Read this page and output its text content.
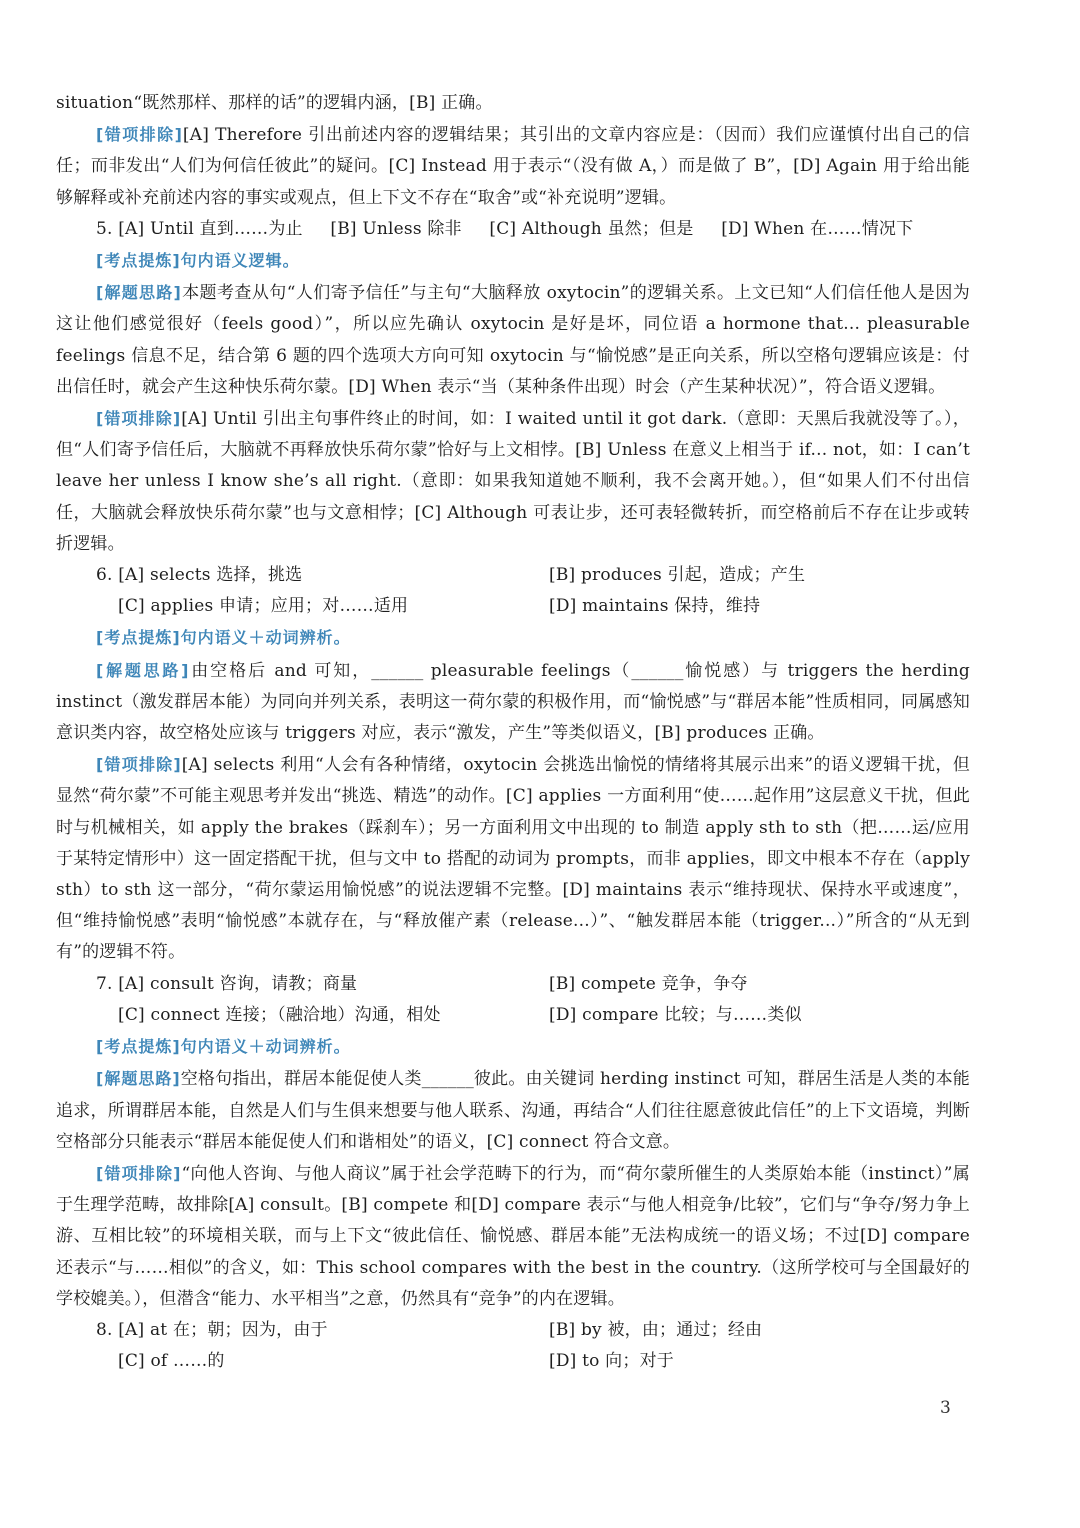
situation“既然那样、那样的话”的逻辑内涵，[B] 正确。

[错项排除][A] Therefore 引出前述内容的逻辑结果；其引出的文章内容应是：（因而）我们应谨慎付出自己的信任；而非发出“人们为何信任彼此”的疑问。[C] Instead 用于表示“（没有做 A，）而是做了 B”，[D] Again 用于给出能够解释或补充前述内容的事实或观点，但上下文不存在“取舍”或“补充说明”逻辑。

5. [A] Until 直到……为止 [B] Unless 除非 [C] Although 虽然；但是 [D] When 在……情况下

[考点提炼]句内语义逻辑。

[解题思路]本题考查从句“人们寄予信任”与主句“大脑释放 oxytocin”的逻辑关系。上文已知“人们信任他人是因为这让他们感觉很好（feels good）”，所以应先确认 oxytocin 是好是坏，同位语 a hormone that... pleasurable feelings 信息不足，结合第 6 题的四个选项大方向可知 oxytocin 与“愉悦感”是正向关系，所以空格句逻辑应该是：付出信任时，就会产生这种快乐荷尔蒙。[D] When 表示“当（某种条件出现）时会（产生某种状况）”，符合语义逻辑。

[错项排除][A] Until 引出主句事件终止的时间，如：I waited until it got dark.（意即：天黑后我就没等了。），但“人们寄予信任后，大脑就不再释放快乐荷尔蒙”恰好与上文相悖。[B] Unless 在意义上相当于 if... not，如：I can’t leave her unless I know she’s all right.（意即：如果我知道她不顺利，我不会离开她。），但“如果人们不付出信任，大脑就会释放快乐荷尔蒙”也与文意相悖；[C] Although 可表让步，还可表轻微转折，而空格前后不存在让步或转折逻辑。

6. [A] selects 选择，挑选	[B] produces 引起，造成；产生
[C] applies 申请；应用；对……适用	[D] maintains 保持，维持

[考点提炼]句内语义＋动词辨析。

[解题思路]由空格后 and 可知，______ pleasurable feelings（______愉悦感）与 triggers the herding instinct（激发群居本能）为同向并列关系，表明这一荷尔蒙的积极作用，而“愉悦感”与“群居本能”性质相同，同属感知意识类内容，故空格处应该与 triggers 对应，表示“激发，产生”等类似语义，[B] produces 正确。

[错项排除][A] selects 利用“人会有各种情绪，oxytocin 会挑选出愉悦的情绪将其展示出来”的语义逻辑干扰，但显然“荷尔蒙”不可能主观思考并发出“挑选、精选”的动作。[C] applies 一方面利用“使……起作用”这层意义干扰，但此时与机械相关，如 apply the brakes（踩刹车）；另一方面利用文中出现的 to 制造 apply sth to sth（把……运/应用于某特定情形中）这一固定搭配干扰，但与文中 to 搭配的动词为 prompts，而非 applies，即文中根本不存在（apply sth）to sth 这一部分，“荷尔蒙运用愉悦感”的说法逻辑不完整。[D] maintains 表示“维持现状、保持水平或速度”，但“维持愉悦感”表明“愉悦感”本就存在，与“释放催产素（release...）”、“触发群居本能（trigger...）”所含的“从无到有”的逻辑不符。

7. [A] consult 咨询，请教；商量	[B] compete 竞争，争夺
[C] connect 连接；（融洽地）沟通，相处	[D] compare 比较；与……类似

[考点提炼]句内语义＋动词辨析。

[解题思路]空格句指出，群居本能促使人类______彼此。由关键词 herding instinct 可知，群居生活是人类的本能追求，所谓群居本能，自然是人们与生俱来想要与他人联系、沟通，再结合“人们往往愿意彼此信任”的上下文语境，判断空格部分只能表示“群居本能促使人们和谐相处”的语义，[C] connect 符合文意。

[错项排除]“向他人咨询、与他人商议”属于社会学范畴下的行为，而“荷尔蒙所催生的人类原始本能（instinct）”属于生理学范畴，故排除[A] consult。[B] compete 和[D] compare 表示“与他人相竞争/比较”，它们与“争夺/努力争上游、互相比较”的环境相关联，而与上下文“彼此信任、愉悦感、群居本能”无法构成统一的语义场；不过[D] compare 还表示“与……相似”的含义，如：This school compares with the best in the country.（这所学校可与全国最好的学校媲美。），但潜含“能力、水平相当”之意，仍然具有“竞争”的内在逻辑。

8. [A] at 在；朝；因为，由于	[B] by 被，由；通过；经由
[C] of ……的	[D] to 向；对于
3
